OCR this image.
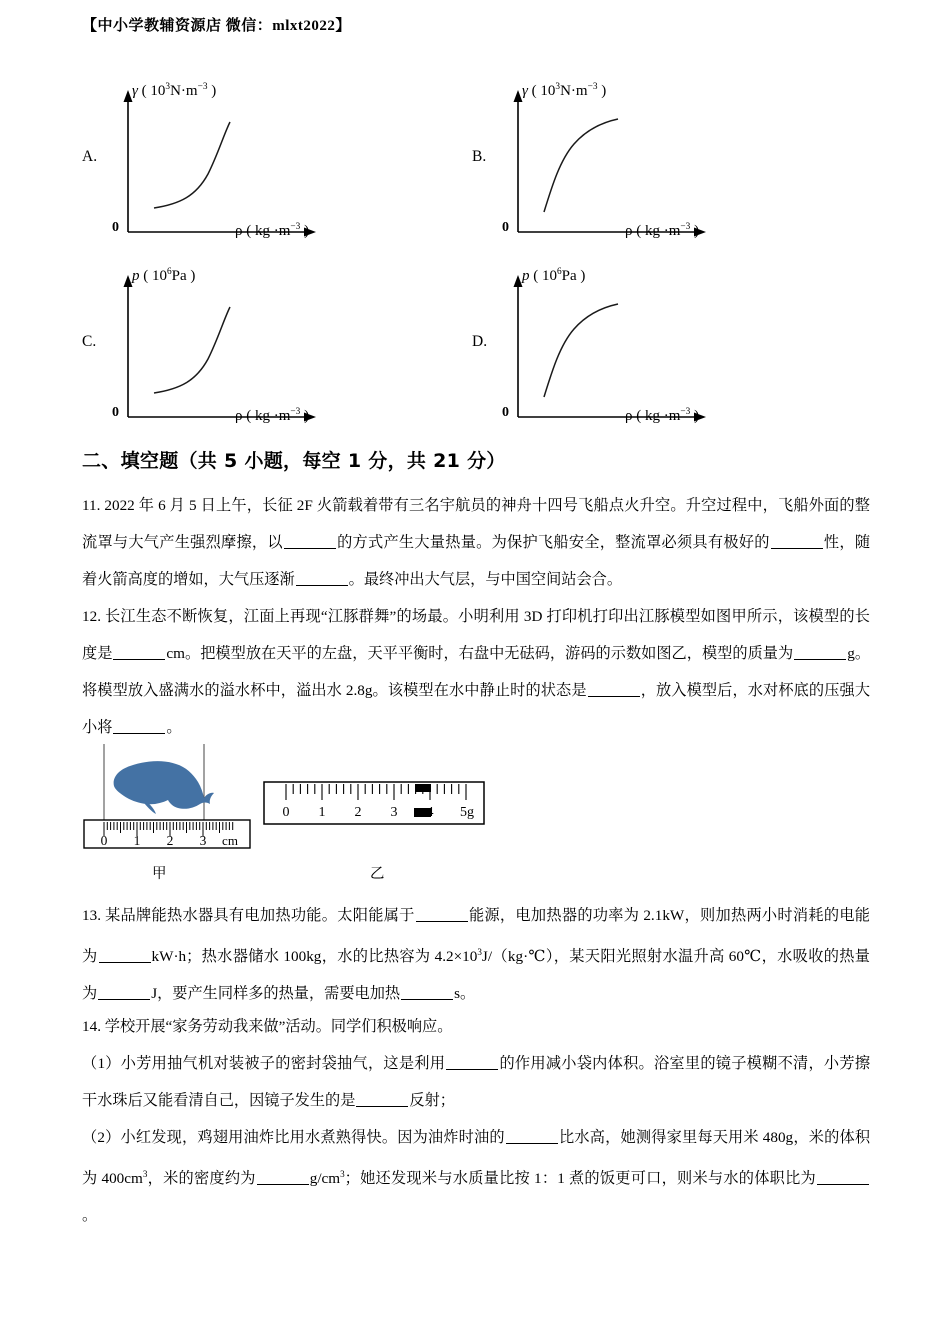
【中小学教辅资源店 微信：mlxt2022】
A.
γ ( $10^3N\cdot m^{-3}$ )
ρ ( kg $\cdot m^{-3}$ )
0
B.
γ ( $10^3N\cdot m^{-3}$ )
ρ ( kg $\cdot m^{-3}$ )
0
C.
p ( $10^6Pa$ )
ρ ( kg $\cdot m^{-3}$ )
0
D.
p ( $10^6Pa$ )
ρ ( kg $\cdot m^{-3}$ )
0
二、填空题（共 5 小题，每空 1 分，共 21 分）
11. 2022 年 6 月 5 日上午，长征 2F 火箭载着带有三名宇航员的神舟十四号飞船点火升空。升空过程中，飞船外面的整流罩与大气产生强烈摩擦，以	的方式产生大量热量。为保护飞船安全，整流罩必须具有极好的	性，随着火箭高度的增如，大气压逐渐	。最终冲出大气层，与中国空间站会合。
12. 长江生态不断恢复，江面上再现“江豚群舞”的场最。小明利用 3D 打印机打印出江豚模型如图甲所示，该模型的长度是	cm。把模型放在天平的左盘，天平平衡时，右盘中无砝码，游码的示数如图乙，模型的质量为	g。将模型放入盛满水的溢水杯中，溢出水 2.8g。该模型在水中静止时的状态是	，放入模型后，水对杯底的压强大小将	。
0 1 2 3 cm
甲
0 1 2 3 4 5g
乙
13. 某品牌能热水器具有电加热功能。太阳能属于	能源，电加热器的功率为 2.1kW，则加热两小时消耗的电能为	kW·h；热水器储水 100kg，水的比热容为 $4.2\times 10^3J/(kg\cdot℃)$，某天阳光照射水温升高 60℃，水吸收的热量为	J，要产生同样多的热量，需要电加热	s。
14. 学校开展“家务劳动我来做”活动。同学们积极响应。
（1）小芳用抽气机对装被子的密封袋抽气，这是利用	的作用减小袋内体积。浴室里的镜子模糊不清，小芳擦干水珠后又能看清自己，因镜子发生的是	反射；
（2）小红发现，鸡翅用油炸比用水煮熟得快。因为油炸时油的	比水高，她测得家里每天用米 480g，米的体积为 $400cm^3$，米的密度约为	$g/cm^3$；她还发现米与水质量比按 1：1 煮的饭更可口，则米与水的体职比为。
